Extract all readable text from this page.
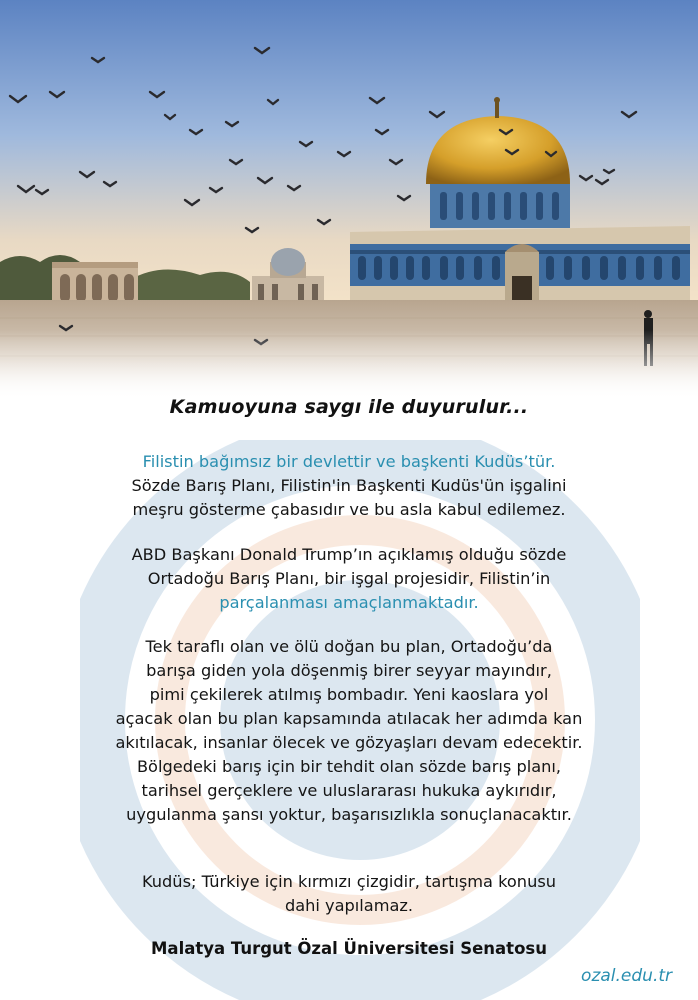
Kamuoyuna saygı ile duyurulur...
Filistin bağımsız bir devlettir ve başkenti Kudüs’tür.
Sözde Barış Planı, Filistin'in Başkenti Kudüs'ün işgalini
meşru gösterme çabasıdır ve bu asla kabul edilemez.
ABD Başkanı Donald Trump’ın açıklamış olduğu sözde
Ortadoğu Barış Planı, bir işgal projesidir, Filistin’in
parçalanması amaçlanmaktadır.
Tek taraflı olan ve ölü doğan bu plan, Ortadoğu’da
barışa giden yola döşenmiş birer seyyar mayındır,
pimi çekilerek atılmış bombadır. Yeni kaoslara yol
açacak olan bu plan kapsamında atılacak her adımda kan
akıtılacak, insanlar ölecek ve gözyaşları devam edecektir.
Bölgedeki barış için bir tehdit olan sözde barış planı,
tarihsel gerçeklere ve uluslararası hukuka aykırıdır,
uygulanma şansı yoktur, başarısızlıkla sonuçlanacaktır.
Kudüs; Türkiye için kırmızı çizgidir, tartışma konusu
dahi yapılamaz.
Malatya Turgut Özal Üniversitesi Senatosu
ozal.edu.tr
